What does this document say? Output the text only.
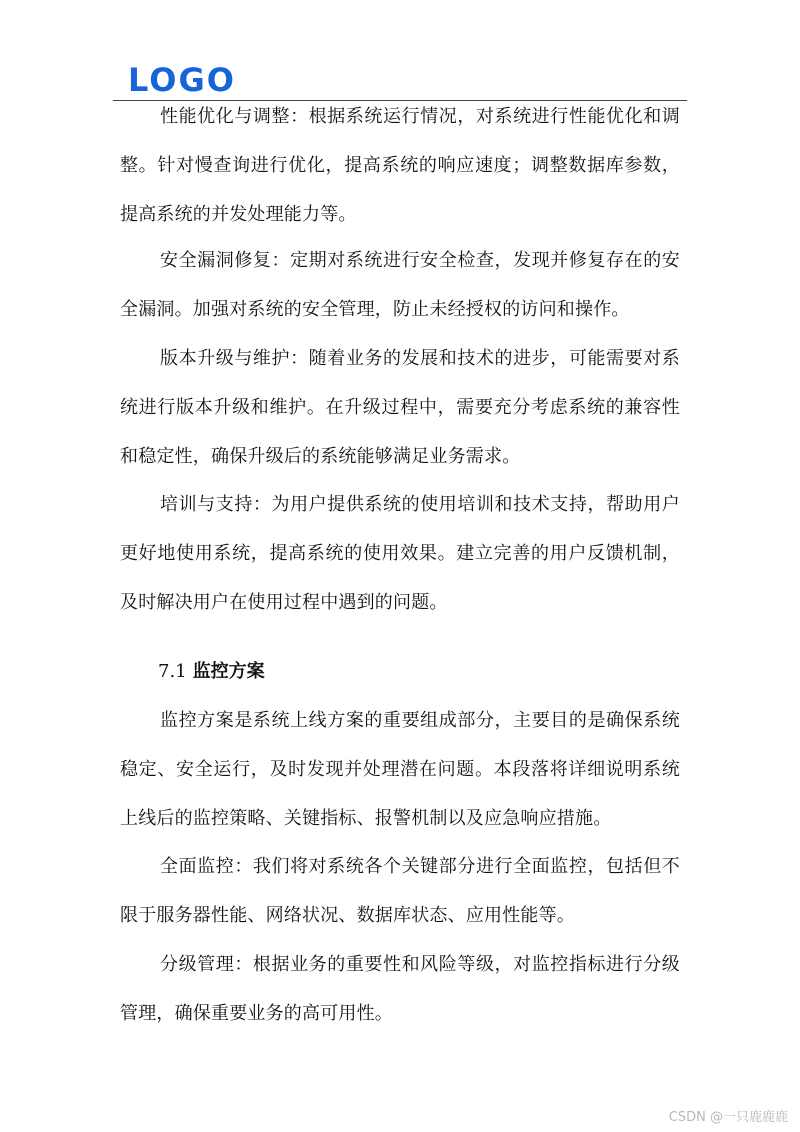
LOGO

性能优化与调整：根据系统运行情况，对系统进行性能优化和调整。针对慢查询进行优化，提高系统的响应速度；调整数据库参数，提高系统的并发处理能力等。

安全漏洞修复：定期对系统进行安全检查，发现并修复存在的安全漏洞。加强对系统的安全管理，防止未经授权的访问和操作。

版本升级与维护：随着业务的发展和技术的进步，可能需要对系统进行版本升级和维护。在升级过程中，需要充分考虑系统的兼容性和稳定性，确保升级后的系统能够满足业务需求。

培训与支持：为用户提供系统的使用培训和技术支持，帮助用户更好地使用系统，提高系统的使用效果。建立完善的用户反馈机制，及时解决用户在使用过程中遇到的问题。

7.1 监控方案

监控方案是系统上线方案的重要组成部分，主要目的是确保系统稳定、安全运行，及时发现并处理潜在问题。本段落将详细说明系统上线后的监控策略、关键指标、报警机制以及应急响应措施。

全面监控：我们将对系统各个关键部分进行全面监控，包括但不限于服务器性能、网络状况、数据库状态、应用性能等。

分级管理：根据业务的重要性和风险等级，对监控指标进行分级管理，确保重要业务的高可用性。

CSDN @一只鹿鹿鹿
